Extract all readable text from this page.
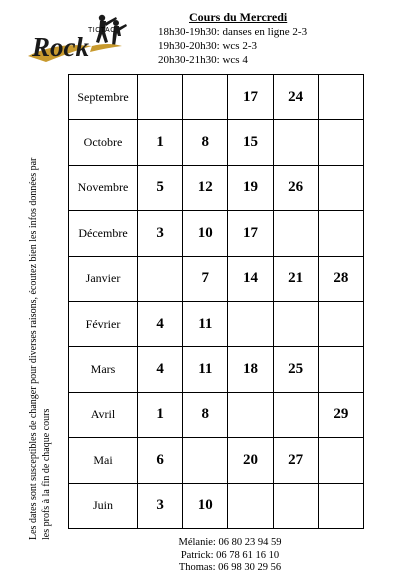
TICTAC
Rock
Cours du Mercredi
18h30-19h30: danses en ligne 2-3
19h30-20h30: wcs 2-3
20h30-21h30: wcs 4
Les dates sont susceptibles de changer pour diverses raisons, écoutez bien les infos données par les profs à la fin de chaque cours
Septembre			17	24	
Octobre	1	8	15		
Novembre	5	12	19	26	
Décembre	3	10	17		
Janvier		7	14	21	28
Février	4	11			
Mars	4	11	18	25	
Avril	1	8			29
Mai	6		20	27	
Juin	3	10			
Mélanie: 06 80 23 94 59
Patrick: 06 78 61 16 10
Thomas: 06 98 30 29 56
